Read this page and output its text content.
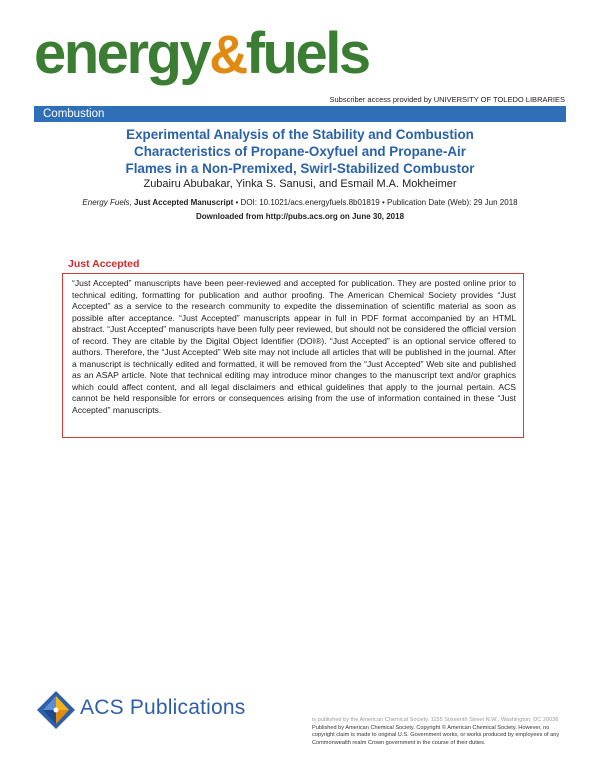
energy&fuels
Subscriber access provided by UNIVERSITY OF TOLEDO LIBRARIES
Combustion
Experimental Analysis of the Stability and Combustion
Characteristics of Propane-Oxyfuel and Propane-Air
Flames in a Non-Premixed, Swirl-Stabilized Combustor
Zubairu Abubakar, Yinka S. Sanusi, and Esmail M.A. Mokheimer
Energy Fuels, Just Accepted Manuscript • DOI: 10.1021/acs.energyfuels.8b01819 • Publication Date (Web): 29 Jun 2018
Downloaded from http://pubs.acs.org on June 30, 2018
Just Accepted

“Just Accepted” manuscripts have been peer-reviewed and accepted for publication. They are posted online prior to technical editing, formatting for publication and author proofing. The American Chemical Society provides “Just Accepted” as a service to the research community to expedite the dissemination of scientific material as soon as possible after acceptance. “Just Accepted” manuscripts appear in full in PDF format accompanied by an HTML abstract. “Just Accepted” manuscripts have been fully peer reviewed, but should not be considered the official version of record. They are citable by the Digital Object Identifier (DOI®). “Just Accepted” is an optional service offered to authors. Therefore, the “Just Accepted” Web site may not include all articles that will be published in the journal. After a manuscript is technically edited and formatted, it will be removed from the “Just Accepted” Web site and published as an ASAP article. Note that technical editing may introduce minor changes to the manuscript text and/or graphics which could affect content, and all legal disclaimers and ethical guidelines that apply to the journal pertain. ACS cannot be held responsible for errors or consequences arising from the use of information contained in these “Just Accepted” manuscripts.

ACS Publications
is published by the American Chemical Society. 1155 Sixteenth Street N.W., Washington, DC 20036
Published by American Chemical Society. Copyright © American Chemical Society. However, no copyright claim is made to original U.S. Government works, or works produced by employees of any Commonwealth realm Crown government in the course of their duties.
